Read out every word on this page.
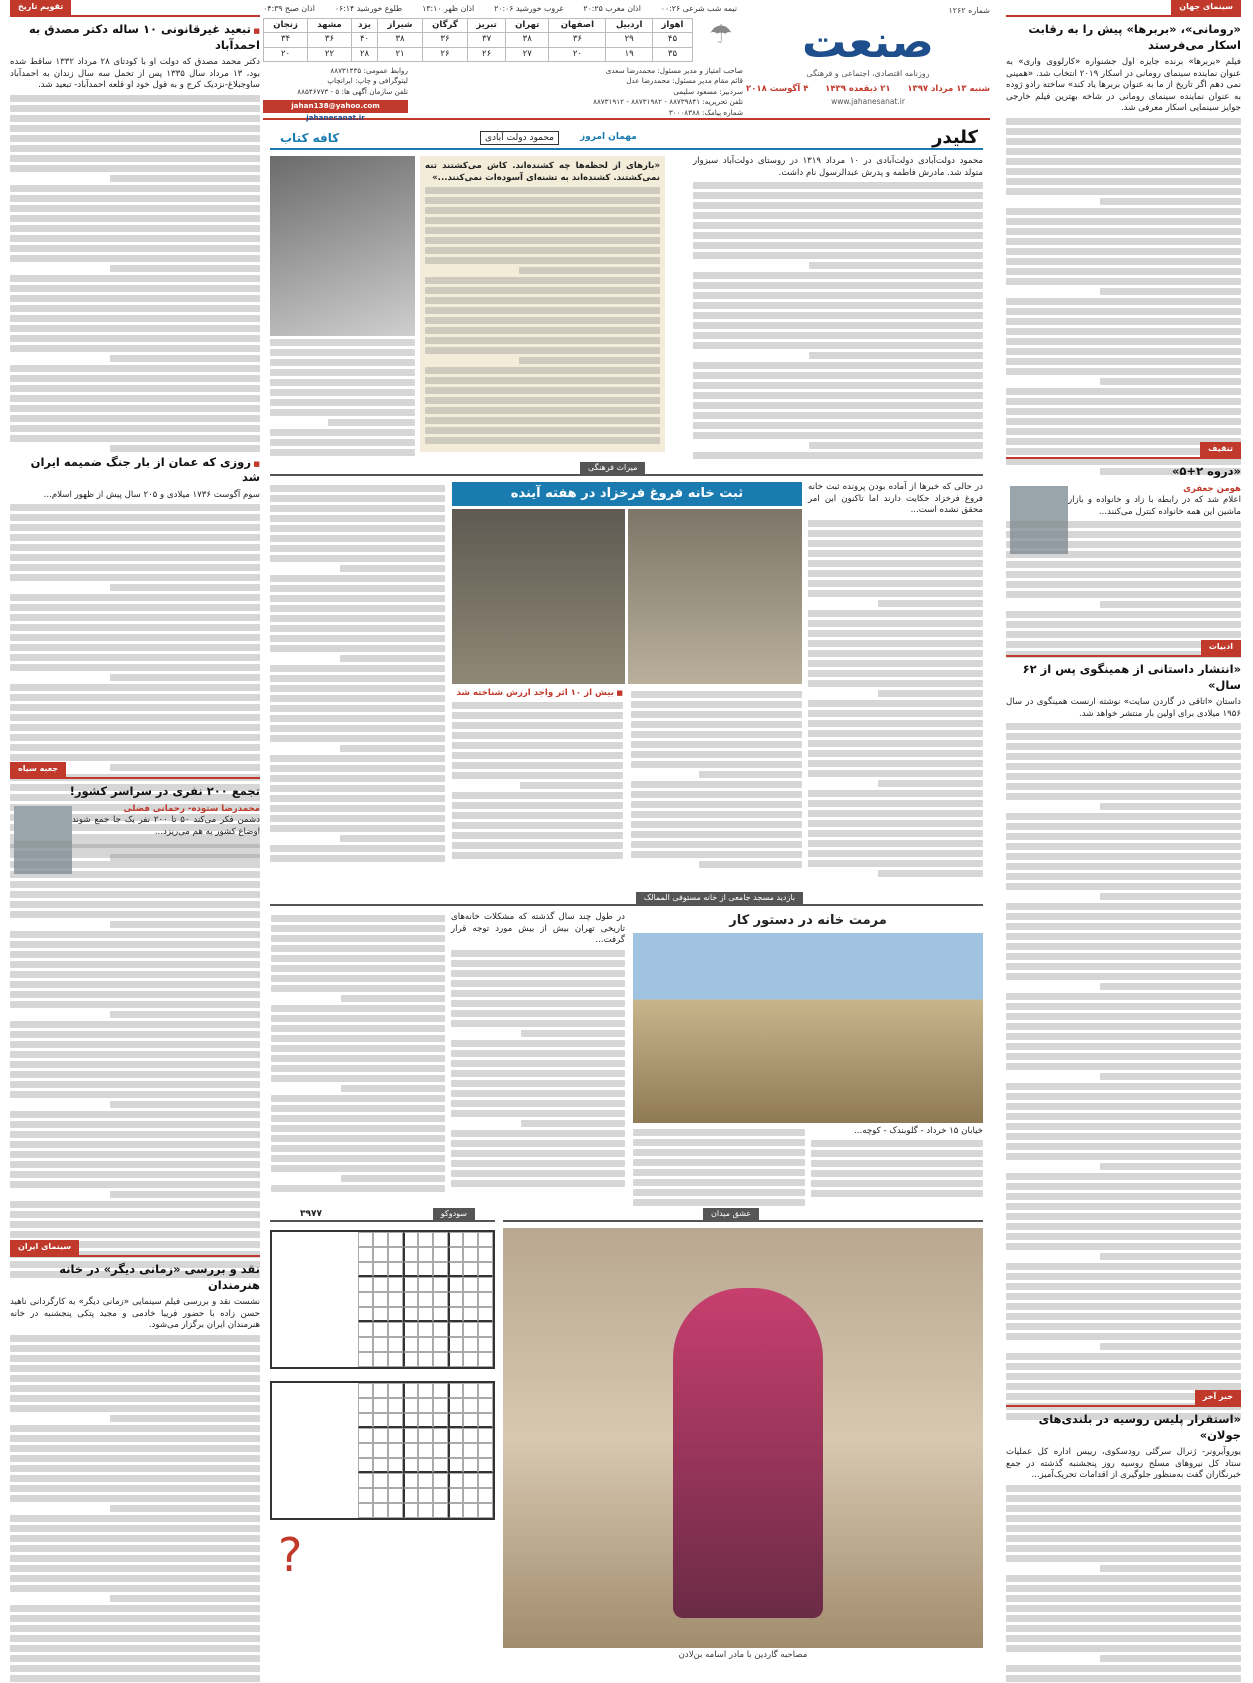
شماره ۱۲۶۲
صنعت
روزنامه اقتصادی، اجتماعی و فرهنگی
شنبه ۱۳ مرداد ۱۳۹۷
۲۱ ذیقعده ۱۴۳۹
۴ آگوست ۲۰۱۸
www.jahanesanat.ir
نیمه شب شرعی ۰۰:۲۶
اذان مغرب ۲۰:۲۵
غروب خورشید ۲۰:۰۶
اذان ظهر ۱۳:۱۰
طلوع خورشید ۰۶:۱۴
اذان صبح ۰۴:۳۹
اهواز	اردبیل	اصفهان	تهران	تبریز	گرگان	شیراز	یزد	مشهد	زنجان
۴۵	۲۹	۳۶	۳۸	۳۷	۳۶	۳۸	۴۰	۳۶	۳۴
۳۵	۱۹	۲۰	۲۷	۲۶	۲۶	۲۱	۲۸	۲۲	۲۰
☂
صاحب امتیاز و مدیر مسئول: محمدرضا سعدی
قائم مقام مدیر مسئول: محمدرضا عدل
سردبیر: مسعود سلیمی
تلفن تحریریه: ۸۸۷۳۹۸۴۱ - ۸۸۷۳۱۹۸۲ - ۸۸۷۳۱۹۱۲
شماره پیامک: ۳۰۰۰۸۳۸۸
روابط عمومی: ۸۸۷۳۱۴۳۵
لیتوگرافی و چاپ: ایرانچاپ
تلفن سازمان آگهی ها: ۵ - ۸۸۵۴۶۷۷۳
jahan138@yahoo.com
jahanesanat.ir
سینمای جهان
«رومانی»، «بربرها» پیش را به رقابت اسکار می‌فرستد

فیلم «بربرها» برنده جایزه اول جشنواره «کارلووی واری» به عنوان نماینده سینمای رومانی در اسکار ۲۰۱۹ انتخاب شد. «همینی نمی دهم اگر تاریخ از ما به عنوان بربرها یاد کند» ساخته رادو ژوده به عنوان نماینده سینمای رومانی در شاخه بهترین فیلم خارجی جوایز سینمایی اسکار معرفی شد.

تنقیف
«دروه ۲+۵»
هومن جعفری

اعلام شد که در رابطه با زاد و خانواده و بازار ماشین این همه خانواده کنترل می‌کنند...

ادبیات
«انتشار داستانی از همینگوی پس از ۶۲ سال»

داستان «اتاقی در گاردن سایت» نوشته ارنست همینگوی در سال ۱۹۵۶ میلادی برای اولین بار منتشر خواهد شد.

خبر آخر
«استقرار پلیس روسیه در بلندی‌های جولان»

یوروآیرونر- ژنرال سرگئی رودسکوی، رییس اداره کل عملیات ستاد کل نیروهای مسلح روسیه روز پنجشنبه گذشته در جمع خبرنگاران گفت به‌منظور جلوگیری از اقدامات تحریک‌آمیز...

تقویم تاریخ
■ تبعید غیرقانونی ۱۰ ساله دکتر مصدق به احمدآباد

دکتر محمد مصدق که دولت او با کودتای ۲۸ مرداد ۱۳۳۲ ساقط شده بود، ۱۳ مرداد سال ۱۳۳۵ پس از تحمل سه سال زندان به احمدآباد ساوجبلاغ-نزدیک کرج و به قول خود او قلعه احمدآباد- تبعید شد.

■ روزی که عمان از بار جنگ ضمیمه ایران شد

سوم آگوست ۱۷۳۶ میلادی و ۲۰۵ سال پیش از ظهور اسلام...

جعبه سیاه
تجمع ۲۰۰ نفری در سراسر کشور!
محمدرضا ستوده- رحمانی فضلی

دشمن فکر می‌کند ۵۰ تا ۲۰۰ نفر یک جا جمع شوند اوضاع کشور به هم می‌ریزد...

سینمای ایران
نقد و بررسی «زمانی دیگر» در خانه هنرمندان

نشست نقد و بررسی فیلم سینمایی «زمانی دیگر» به کارگردانی ناهید حسن زاده با حضور فریبا خادمی و مجید پتکی پنجشنبه در خانه هنرمندان ایران برگزار می‌شود.

کلیدر
مهمان امروز
محمود دولت آبادی
کافه کتاب

محمود دولت‌آبادی دولت‌آبادی در ۱۰ مرداد ۱۳۱۹ در روستای دولت‌آباد سبزوار متولد شد. مادرش فاطمه و پدرش عبدالرسول نام داشت.

«بارهای از لحظه‌ها چه کشنده‌اند. کاش می‌کشتند تنه نمی‌کشتند. کشنده‌اند به تشنه‌ای آسوده‌ات نمی‌کنند...»

میراث فرهنگی

در حالی که خبرها از آماده بودن پرونده ثبت خانه فروغ فرخزاد حکایت دارند اما تاکنون این امر محقق نشده است...

ثبت خانه فروغ فرخزاد در هفته آینده
■ بیش از ۱۰ اثر واجد ارزش شناخته شد
بازدید مسجد جامعی از خانه مستوفی الممالک
مرمت خانه در دستور کار

خیابان ۱۵ خرداد - گلوبندک - کوچه...

در طول چند سال گذشته که مشکلات خانه‌های تاریخی تهران بیش از بیش مورد توجه قرار گرفت...

عشق میدان
مصاحبه گاردین با مادر اسامه بن‌لادن
سودوکو
۳۹۷۷
?
